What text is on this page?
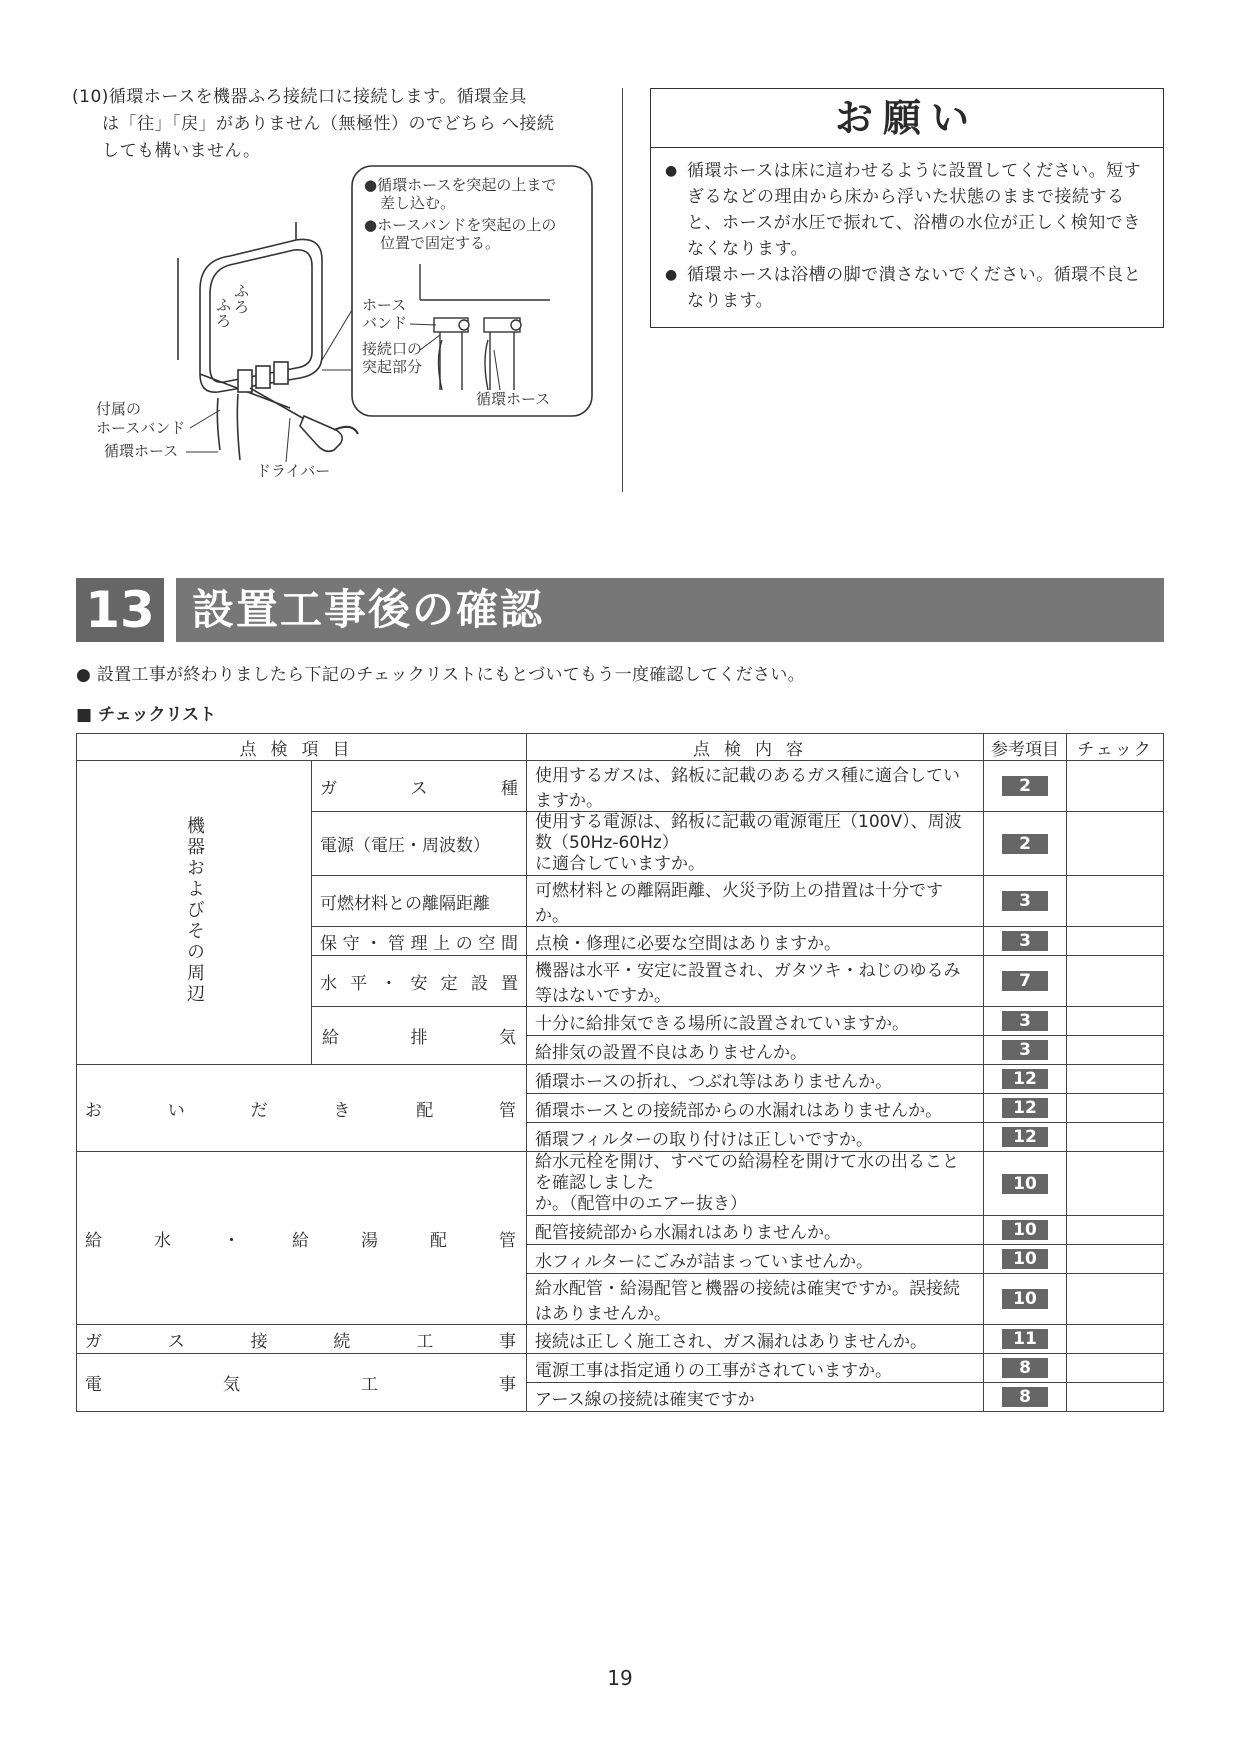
(10)循環ホースを機器ふろ接続口に接続します。循環金具
は「往」「戻」がありません（無極性）のでどちら へ接続
しても構いません。
ふ
ろ
ふ
ろ
付属の
ホースバンド
循環ホース
ドライバー
●循環ホースを突起の上まで
差し込む。
●ホースバンドを突起の上の
位置で固定する。
ホース
バンド
接続口の
突起部分
循環ホース
お願い
● 循環ホースは床に這わせるように設置してください。短すぎるなどの理由から床から浮いた状態のままで接続すると、ホースが水圧で振れて、浴槽の水位が正しく検知できなくなります。
● 循環ホースは浴槽の脚で潰さないでください。循環不良となります。
13 設置工事後の確認
● 設置工事が終わりましたら下記のチェックリストにもとづいてもう一度確認してください。
■ チェックリスト
点検項目		点検内容	参考項目	チェック
機器およびその周辺	ガス種	使用するガスは、銘板に記載のあるガス種に適合していますか。	2	
	電源（電圧・周波数）	使用する電源は、銘板に記載の電源電圧（100V）、周波数（50Hz-60Hz）
に適合していますか。	2	
	可燃材料との離隔距離	可燃材料との離隔距離、火災予防上の措置は十分ですか。	3	
	保守・管理上の空間	点検・修理に必要な空間はありますか。	3	
	水平・安定設置	機器は水平・安定に設置され、ガタツキ・ねじのゆるみ等はないですか。	7	
	給排気	十分に給排気できる場所に設置されていますか。	3	
		給排気の設置不良はありませんか。	3	
おいだき配管		循環ホースの折れ、つぶれ等はありませんか。	12	
		循環ホースとの接続部からの水漏れはありませんか。	12	
		循環フィルターの取り付けは正しいですか。	12	
給水・給湯配管		給水元栓を開け、すべての給湯栓を開けて水の出ることを確認しました
か。（配管中のエアー抜き）	10	
		配管接続部から水漏れはありませんか。	10	
		水フィルターにごみが詰まっていませんか。	10	
		給水配管・給湯配管と機器の接続は確実ですか。誤接続はありませんか。	10	
ガス接続工事		接続は正しく施工され、ガス漏れはありませんか。	11	
電気工事		電源工事は指定通りの工事がされていますか。	8	
		アース線の接続は確実ですか	8	
19
